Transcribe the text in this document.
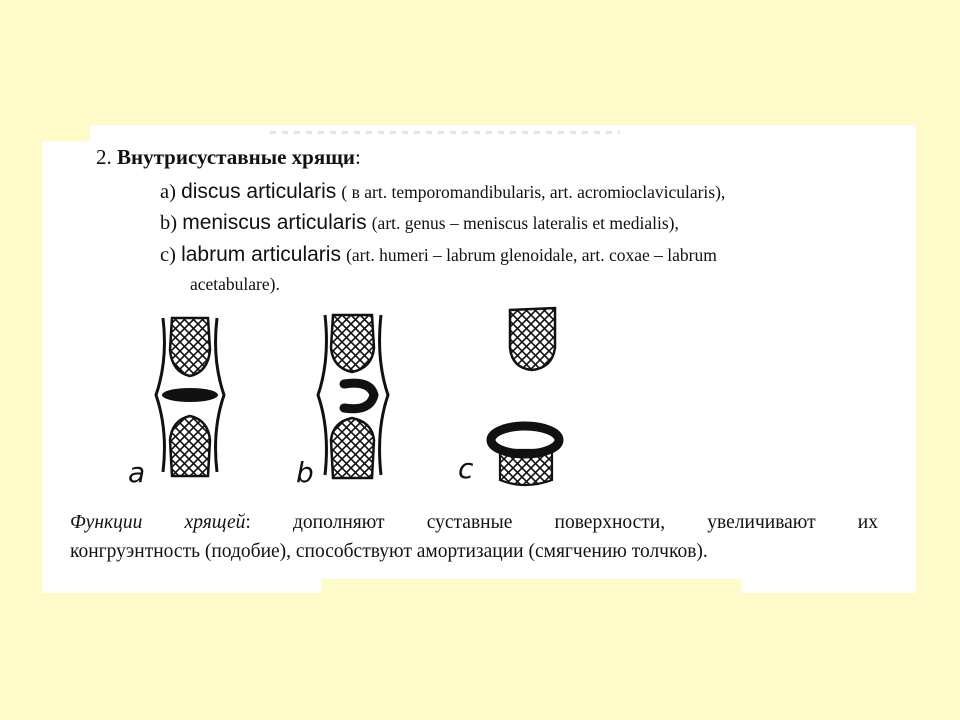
2. Внутрисуставные хрящи:
a) discus articularis ( в art. temporomandibularis, art. acromioclavicularis),
b) meniscus articularis (art. genus – meniscus lateralis et medialis),
c) labrum articularis (art. humeri – labrum glenoidale, art. coxae – labrum
acetabulare).
a	b	c
Функции хрящей: дополняют суставные поверхности, увеличивают их
конгруэнтность (подобие), способствуют амортизации (смягчению толчков).
